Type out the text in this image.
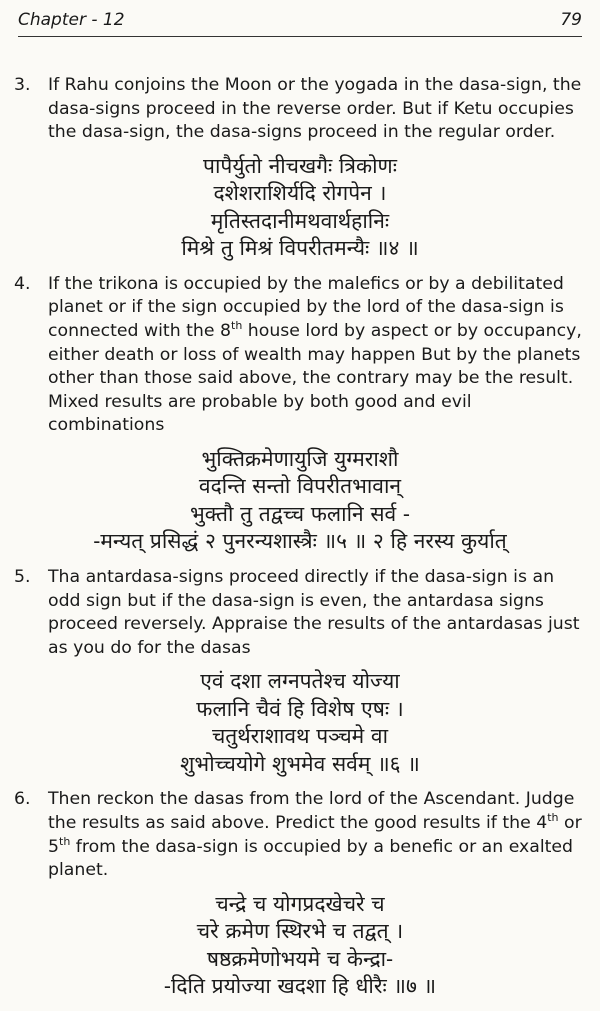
Chapter - 12	79
3.	If Rahu conjoins the Moon or the yogada in the dasa-sign, the dasa-signs proceed in the reverse order. But if Ketu occupies the dasa-sign, the dasa-signs proceed in the regular order.
पापैर्युतो नीचखगैः त्रिकोणः
दशेशराशिर्यदि रोगपेन ।
मृतिस्तदानीमथवार्थहानिः
मिश्रे तु मिश्रं विपरीतमन्यैः ॥४ ॥
4.	If the trikona is occupied by the malefics or by a debilitated planet or if the sign occupied by the lord of the dasa-sign is connected with the 8th house lord by aspect or by occupancy, either death or loss of wealth may happen But by the planets other than those said above, the contrary may be the result. Mixed results are probable by both good and evil combinations
भुक्तिक्रमेणायुजि युग्मराशौ
वदन्ति सन्तो विपरीतभावान्
भुक्तौ तु तद्वच्च फलानि सर्व -
-मन्यत् प्रसिद्धं २ पुनरन्यशास्त्रैः ॥५ ॥ २ हि नरस्य कुर्यात्
5.	Tha antardasa-signs proceed directly if the dasa-sign is an odd sign but if the dasa-sign is even, the antardasa signs proceed reversely. Appraise the results of the antardasas just as you do for the dasas
एवं दशा लग्नपतेश्च योज्या
फलानि चैवं हि विशेष एषः ।
चतुर्थराशावथ पञ्चमे वा
शुभोच्चयोगे शुभमेव सर्वम् ॥६ ॥
6.	Then reckon the dasas from the lord of the Ascendant. Judge the results as said above. Predict the good results if the 4th or 5th from the dasa-sign is occupied by a benefic or an exalted planet.
चन्द्रे च योगप्रदखेचरे च
चरे क्रमेण स्थिरभे च तद्वत् ।
षष्ठक्रमेणोभयमे च केन्द्रा-
-दिति प्रयोज्या खदशा हि धीरैः ॥७ ॥
